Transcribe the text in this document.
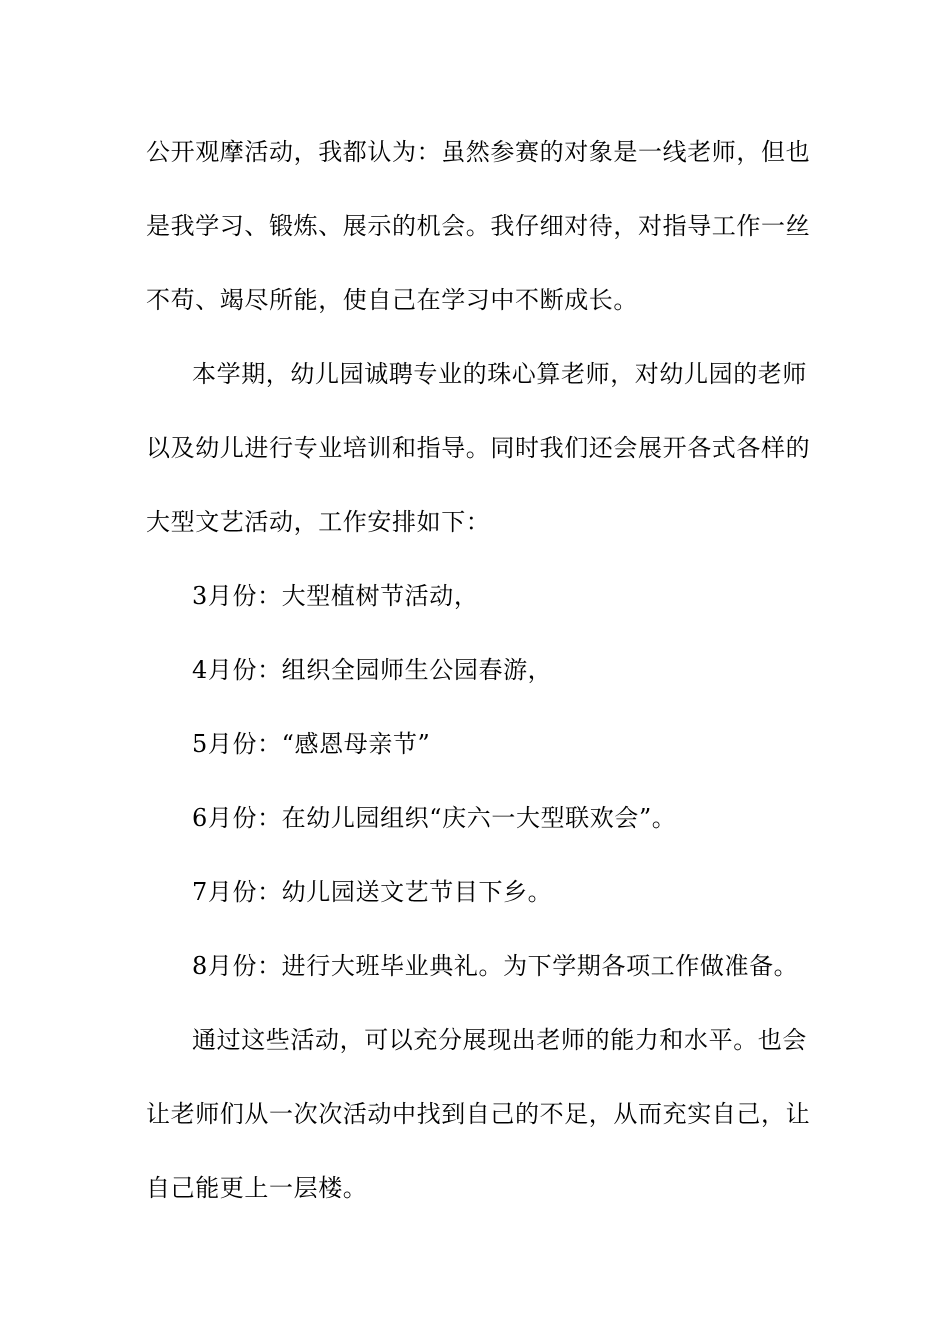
公开观摩活动，我都认为：虽然参赛的对象是一线老师，但也
是我学习、锻炼、展示的机会。我仔细对待，对指导工作一丝
不苟、竭尽所能，使自己在学习中不断成长。
本学期，幼儿园诚聘专业的珠心算老师，对幼儿园的老师
以及幼儿进行专业培训和指导。同时我们还会展开各式各样的
大型文艺活动，工作安排如下：
3月份：大型植树节活动，
4月份：组织全园师生公园春游，
5月份：“感恩母亲节”
6月份：在幼儿园组织“庆六一大型联欢会”。
7月份：幼儿园送文艺节目下乡。
8月份：进行大班毕业典礼。为下学期各项工作做准备。
通过这些活动，可以充分展现出老师的能力和水平。也会
让老师们从一次次活动中找到自己的不足，从而充实自己，让
自己能更上一层楼。
